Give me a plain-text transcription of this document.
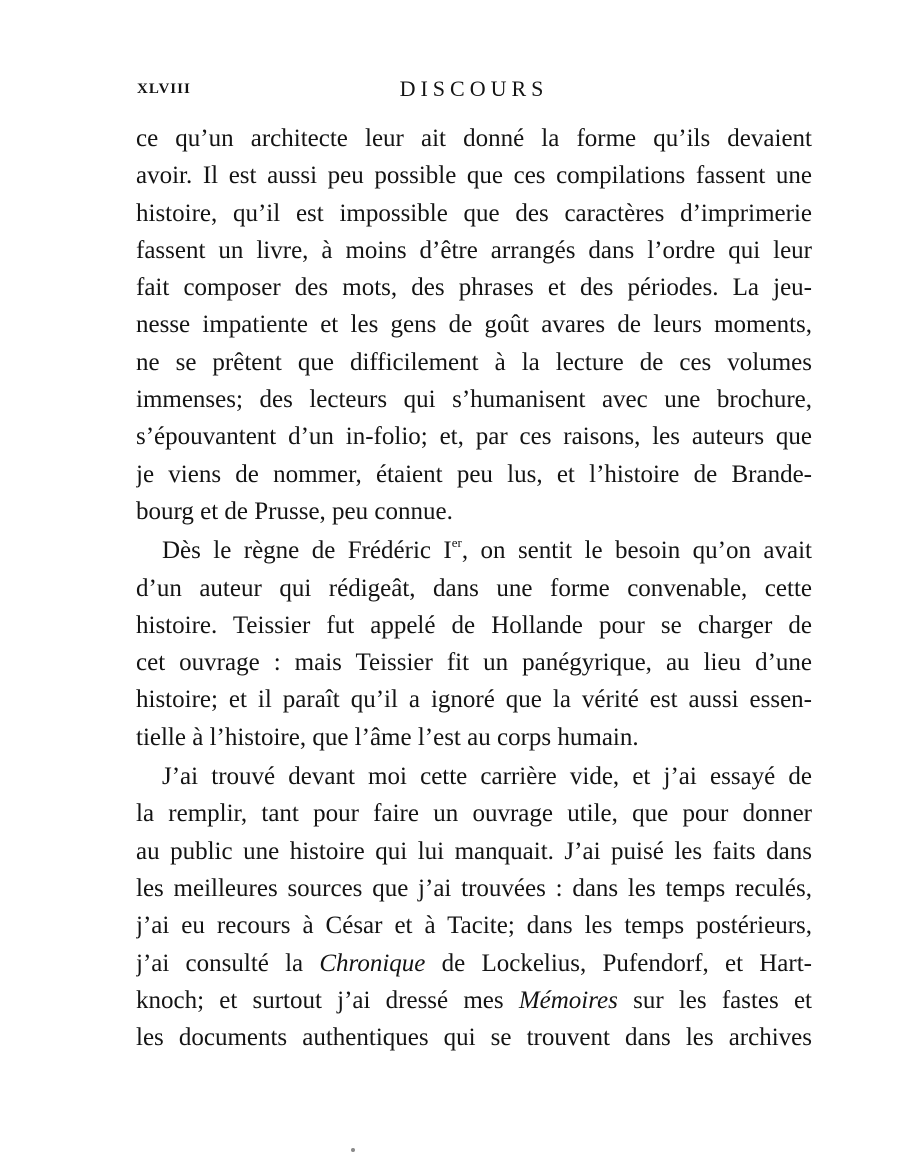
XLVIII	DISCOURS
ce qu’un architecte leur ait donné la forme qu’ils devaient
avoir. Il est aussi peu possible que ces compilations fassent une
histoire, qu’il est impossible que des caractères d’imprimerie
fassent un livre, à moins d’être arrangés dans l’ordre qui leur
fait composer des mots, des phrases et des périodes. La jeu-
nesse impatiente et les gens de goût avares de leurs moments,
ne se prêtent que difficilement à la lecture de ces volumes
immenses; des lecteurs qui s’humanisent avec une brochure,
s’épouvantent d’un in-folio; et, par ces raisons, les auteurs que
je viens de nommer, étaient peu lus, et l’histoire de Brande-
bourg et de Prusse, peu connue.
Dès le règne de Frédéric Ier, on sentit le besoin qu’on avait
d’un auteur qui rédigeât, dans une forme convenable, cette
histoire. Teissier fut appelé de Hollande pour se charger de
cet ouvrage : mais Teissier fit un panégyrique, au lieu d’une
histoire; et il paraît qu’il a ignoré que la vérité est aussi essen-
tielle à l’histoire, que l’âme l’est au corps humain.
J’ai trouvé devant moi cette carrière vide, et j’ai essayé de
la remplir, tant pour faire un ouvrage utile, que pour donner
au public une histoire qui lui manquait. J’ai puisé les faits dans
les meilleures sources que j’ai trouvées : dans les temps reculés,
j’ai eu recours à César et à Tacite; dans les temps postérieurs,
j’ai consulté la Chronique de Lockelius, Pufendorf, et Hart-
knoch; et surtout j’ai dressé mes Mémoires sur les fastes et
les documents authentiques qui se trouvent dans les archives
